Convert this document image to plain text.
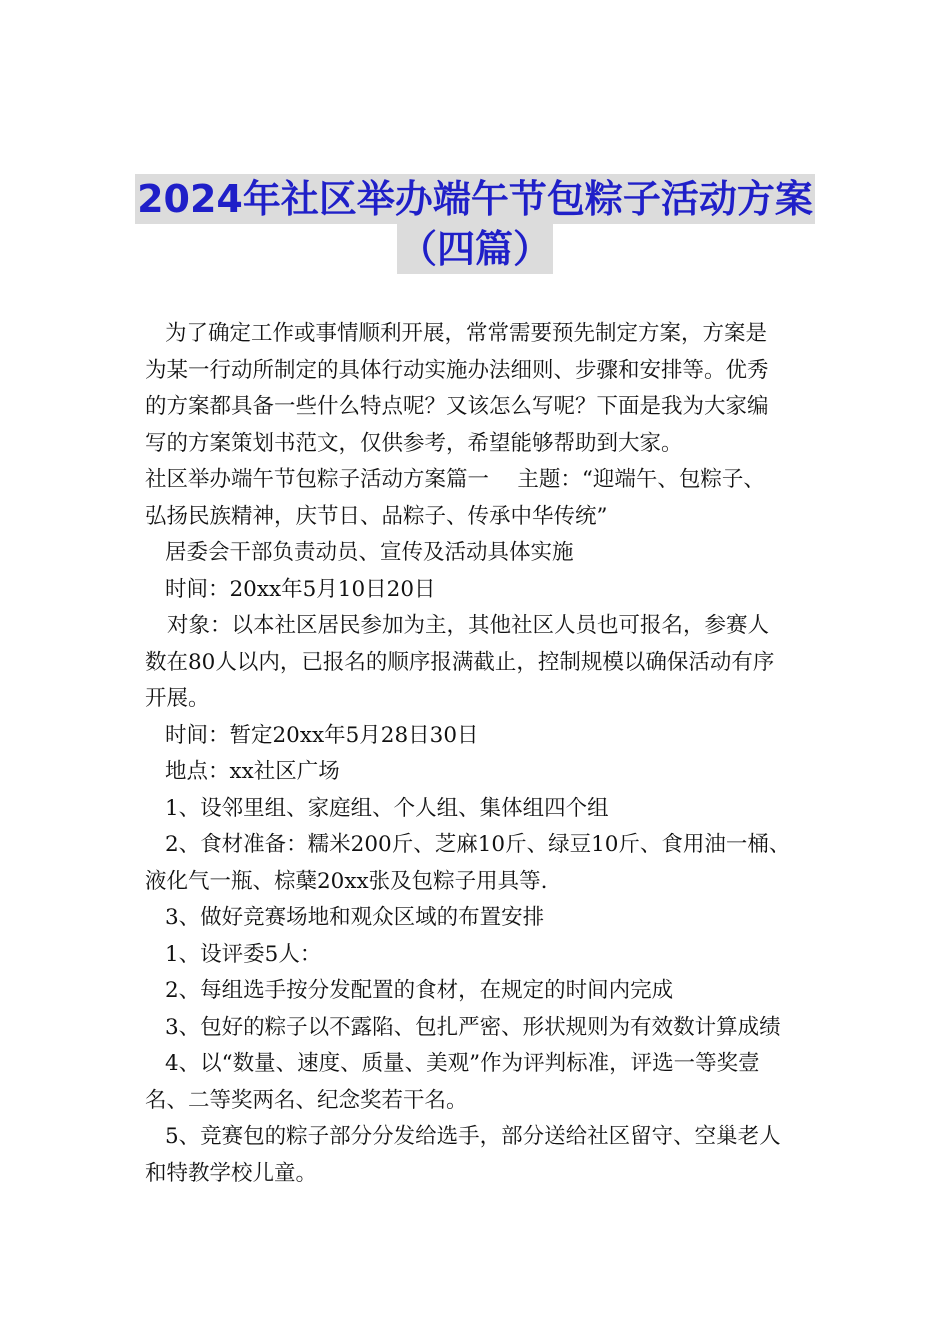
2024年社区举办端午节包粽子活动方案
（四篇）

为了确定工作或事情顺利开展，常常需要预先制定方案，方案是

为某一行动所制定的具体行动实施办法细则、步骤和安排等。优秀

的方案都具备一些什么特点呢？又该怎么写呢？下面是我为大家编

写的方案策划书范文，仅供参考，希望能够帮助到大家。

社区举办端午节包粽子活动方案篇一　 主题：“迎端午、包粽子、

弘扬民族精神，庆节日、品粽子、传承中华传统”

居委会干部负责动员、宣传及活动具体实施

时间：20xx年5月10日20日

对象：以本社区居民参加为主，其他社区人员也可报名，参赛人

数在80人以内，已报名的顺序报满截止，控制规模以确保活动有序

开展。

时间：暂定20xx年5月28日30日

地点：xx社区广场

1、设邻里组、家庭组、个人组、集体组四个组

2、食材准备：糯米200斤、芝麻10斤、绿豆10斤、食用油一桶、

液化气一瓶、棕蘖20xx张及包粽子用具等.

3、做好竞赛场地和观众区域的布置安排

1、设评委5人：

2、每组选手按分发配置的食材，在规定的时间内完成

3、包好的粽子以不露陷、包扎严密、形状规则为有效数计算成绩

4、以“数量、速度、质量、美观”作为评判标准，评选一等奖壹

名、二等奖两名、纪念奖若干名。

5、竞赛包的粽子部分分发给选手，部分送给社区留守、空巢老人

和特教学校儿童。
